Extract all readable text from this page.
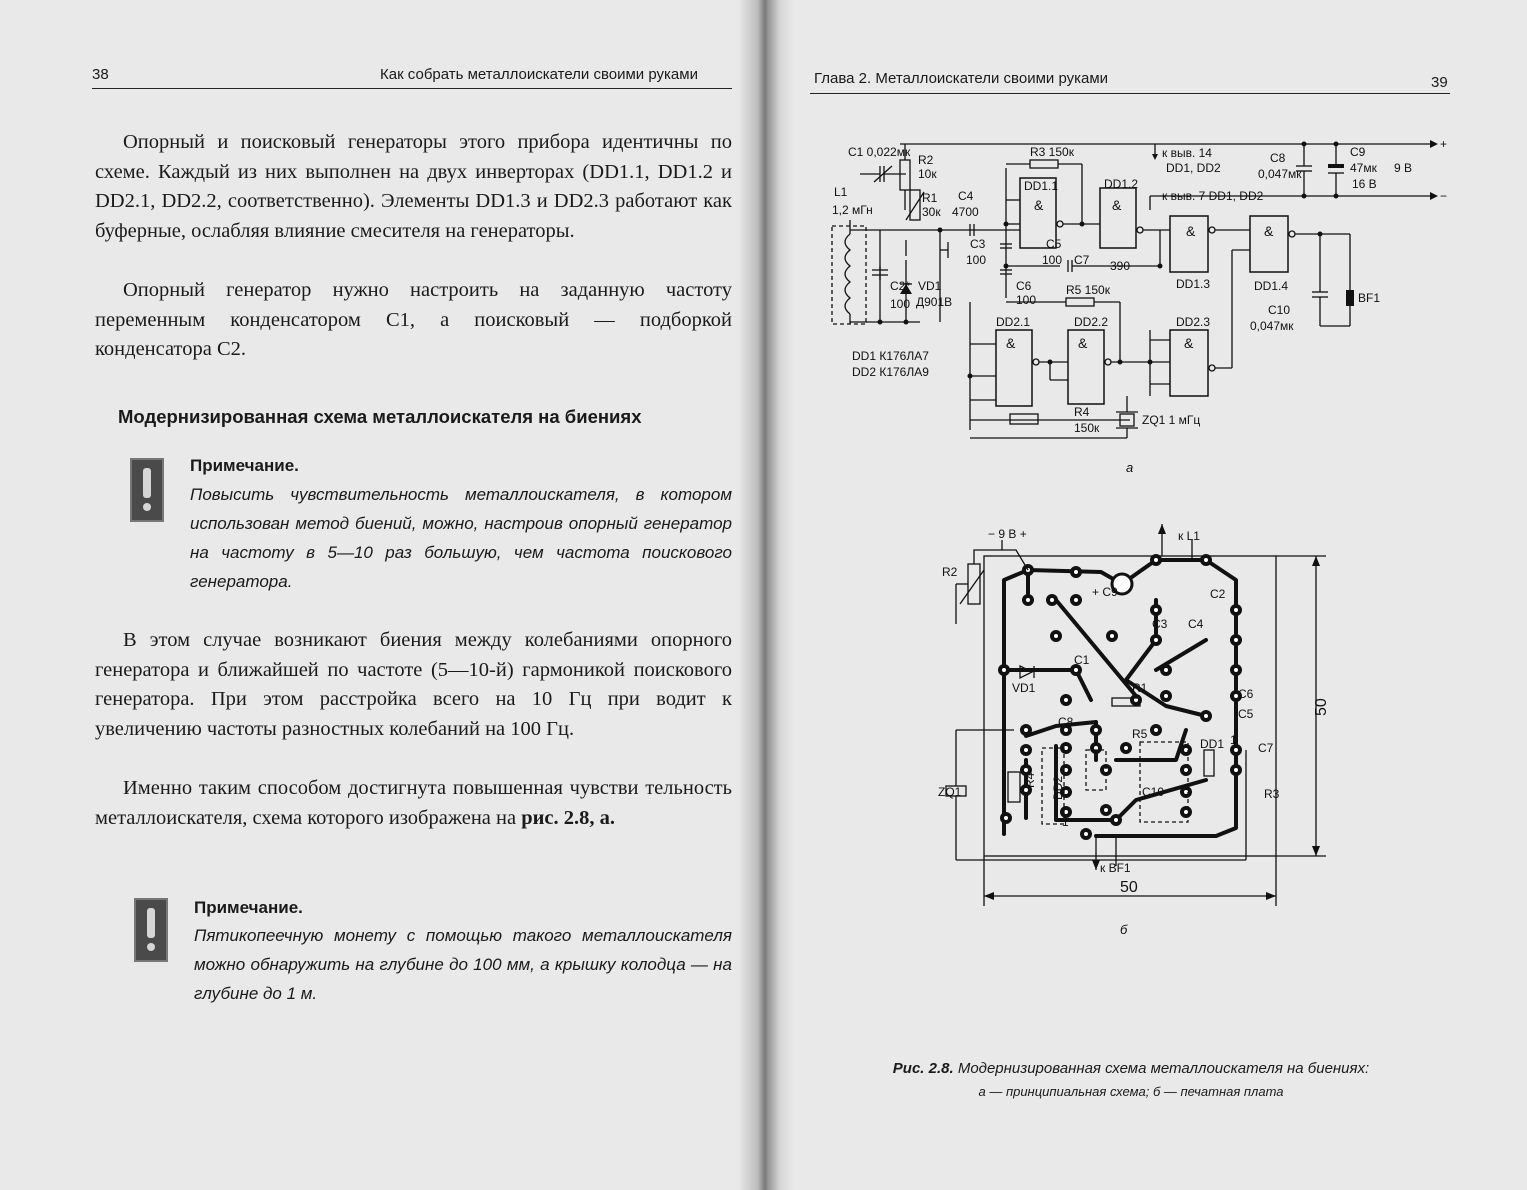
38	Как собрать металлоискатели своими руками

Опорный и поисковый генераторы этого прибора идентичны по схеме. Каждый из них выполнен на двух инверторах (DD1.1, DD1.2 и DD2.1, DD2.2, соответственно). Элементы DD1.3 и DD2.3 работают как буферные, ослабляя влияние смесителя на генераторы.

Опорный генератор нужно настроить на заданную частоту переменным конденсатором С1, а поисковый — подборкой конденсатора С2.

Модернизированная схема металлоискателя на биениях
Примечание.

Повысить чувствительность металлоискателя, в котором использован метод биений, можно, настроив опорный генератор на частоту в 5—10 раз большую, чем частота поискового генератора.

В этом случае возникают биения между колебаниями опорного генератора и ближайшей по частоте (5—10-й) гармоникой поискового генератора. При этом расстройка всего на 10 Гц при водит к увеличению частоты разностных колебаний на 100 Гц.

Именно таким способом достигнута повышенная чувстви тельность металлоискателя, схема которого изображена на рис. 2.8, а.

Примечание.

Пятикопеечную монету с помощью такого металлоискателя можно обнаружить на глубине до 100 мм, а крышку колодца — на глубине до 1 м.

Глава 2. Металлоискатели своими руками	39
С1 0,022мк
R2
10к
R3 150к	к выв. 14
DD1, DD2
к выв. 7 DD1, DD2
С8
0,047мк
С9
47мк
16 В
9 В
+
−
L1
1,2 мГн
R1
30к
С4
4700
DD1.1	DD1.2
&	&
&	&
&	&	&
С3
100
С5
100 С7 390
VD1
Д901В
С6
100
С2*
100
DD1.3	DD1.4
R5 150к
С10
0,047мк
BF1
DD2.1	DD2.2	DD2.3
DD1 К176ЛА7
DD2 К176ЛА9
R4
150к
ZQ1 1 мГц
а
− 9 В +	к L1
R2
+ С9	С2
С3 С4
С1
VD1	R1	С6
С8
С5
R5
DD1 1
С7
ZQ1
R4 DD2	С10	R3
1
к BF1
50
50
б
Рис. 2.8. Модернизированная схема металлоискателя на биениях:
а — принципиальная схема; б — печатная плата
